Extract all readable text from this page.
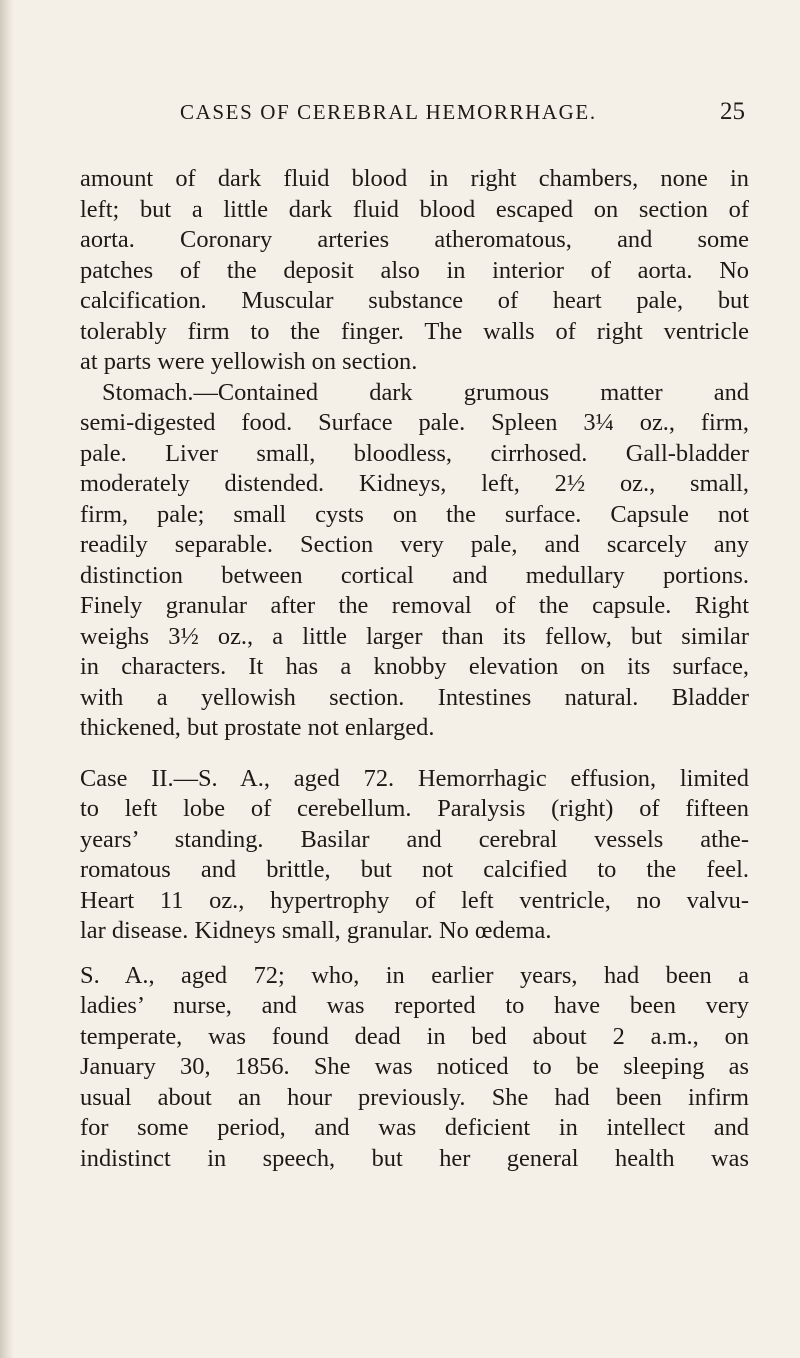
CASES OF CEREBRAL HEMORRHAGE.	25
amount of dark fluid blood in right chambers, none in
left; but a little dark fluid blood escaped on section of
aorta. Coronary arteries atheromatous, and some
patches of the deposit also in interior of aorta. No
calcification. Muscular substance of heart pale, but
tolerably firm to the finger. The walls of right ventricle
at parts were yellowish on section.
Stomach.—Contained dark grumous matter and
semi-digested food. Surface pale. Spleen 3¼ oz., firm,
pale. Liver small, bloodless, cirrhosed. Gall-bladder
moderately distended. Kidneys, left, 2½ oz., small,
firm, pale; small cysts on the surface. Capsule not
readily separable. Section very pale, and scarcely any
distinction between cortical and medullary portions.
Finely granular after the removal of the capsule. Right
weighs 3½ oz., a little larger than its fellow, but similar
in characters. It has a knobby elevation on its surface,
with a yellowish section. Intestines natural. Bladder
thickened, but prostate not enlarged.
Case II.—S. A., aged 72. Hemorrhagic effusion, limited
to left lobe of cerebellum. Paralysis (right) of fifteen
years’ standing. Basilar and cerebral vessels athe-
romatous and brittle, but not calcified to the feel.
Heart 11 oz., hypertrophy of left ventricle, no valvu-
lar disease. Kidneys small, granular. No œdema.
S. A., aged 72; who, in earlier years, had been a
ladies’ nurse, and was reported to have been very
temperate, was found dead in bed about 2 a.m., on
January 30, 1856. She was noticed to be sleeping as
usual about an hour previously. She had been infirm
for some period, and was deficient in intellect and
indistinct in speech, but her general health was
